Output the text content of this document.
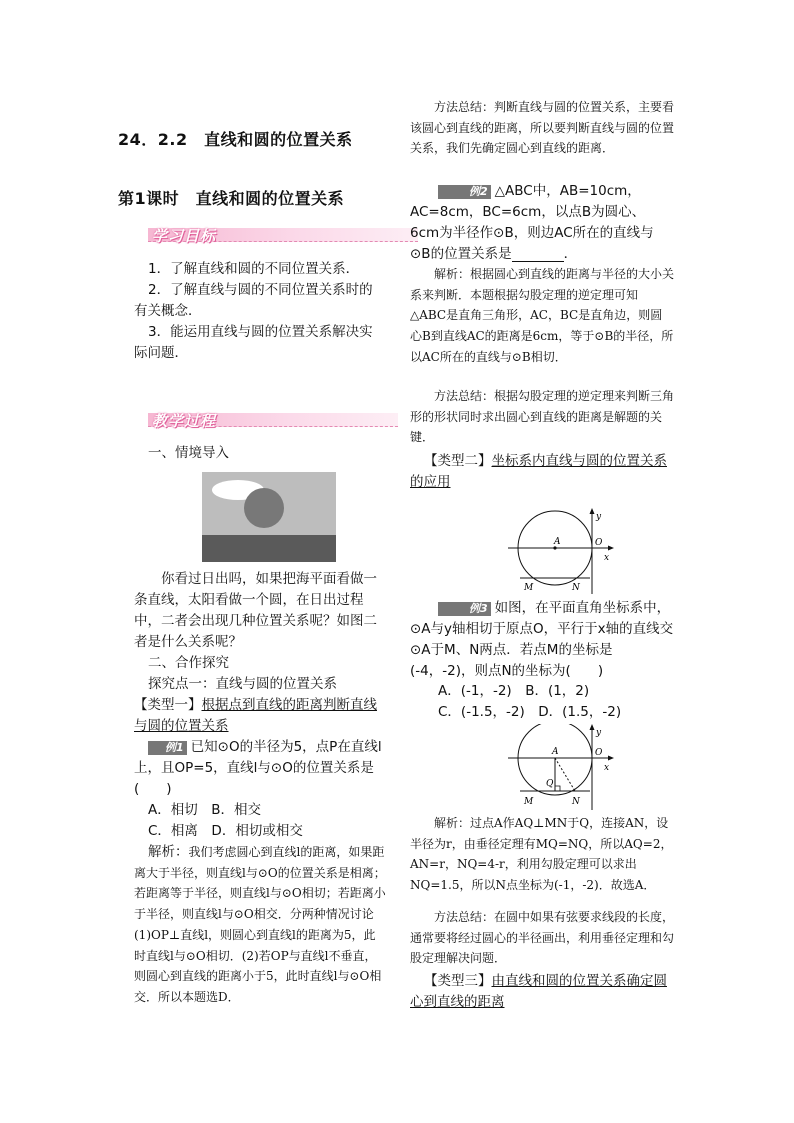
24．2.2　直线和圆的位置关系
第1课时　直线和圆的位置关系
学习目标
1．了解直线和圆的不同位置关系．
2．了解直线与圆的不同位置关系时的有关概念．
3．能运用直线与圆的位置关系解决实际问题．
教学过程
一、情境导入
你看过日出吗，如果把海平面看做一条直线，太阳看做一个圆，在日出过程中，二者会出现几种位置关系呢？如图二者是什么关系呢？
二、合作探究
探究点一：直线与圆的位置关系
【类型一】根据点到直线的距离判断直线与圆的位置关系
例1 已知⊙O的半径为5，点P在直线l上，且OP=5，直线l与⊙O的位置关系是(　　)
A．相切　B．相交
C．相离　D．相切或相交
解析：我们考虑圆心到直线l的距离，如果距离大于半径，则直线l与⊙O的位置关系是相离；若距离等于半径，则直线l与⊙O相切；若距离小于半径，则直线l与⊙O相交．分两种情况讨论 (1)OP⊥直线l，则圆心到直线l的距离为5，此时直线l与⊙O相切．(2)若OP与直线l不垂直，则圆心到直线的距离小于5，此时直线l与⊙O相交．所以本题选D．
方法总结：判断直线与圆的位置关系，主要看该圆心到直线的距离，所以要判断直线与圆的位置关系，我们先确定圆心到直线的距离．
例2 △ABC中，AB=10cm，AC=8cm，BC=6cm，以点B为圆心、6cm为半径作⊙B，则边AC所在的直线与⊙B的位置关系是	．
解析：根据圆心到直线的距离与半径的大小关系来判断．本题根据勾股定理的逆定理可知△ABC是直角三角形，AC，BC是直角边，则圆心B到直线AC的距离是6cm，等于⊙B的半径，所以AC所在的直线与⊙B相切．
方法总结：根据勾股定理的逆定理来判断三角形的形状同时求出圆心到直线的距离是解题的关键．
【类型二】坐标系内直线与圆的位置关系的应用
y
x
A	O
M	N
例3 如图，在平面直角坐标系中，⊙A与y轴相切于原点O，平行于x轴的直线交⊙A于M、N两点．若点M的坐标是(-4，-2)，则点N的坐标为(　　)
A．(-1，-2)　B．(1，2)
C．(-1.5，-2)　D．(1.5，-2)
y
x
A	O
Q
M	N
解析：过点A作AQ⊥MN于Q，连接AN，设半径为r，由垂径定理有MQ=NQ，所以AQ=2，AN=r，NQ=4-r，利用勾股定理可以求出NQ=1.5，所以N点坐标为(-1，-2)．故选A．
方法总结：在圆中如果有弦要求线段的长度，通常要将经过圆心的半径画出，利用垂径定理和勾股定理解决问题．
【类型三】由直线和圆的位置关系确定圆心到直线的距离
